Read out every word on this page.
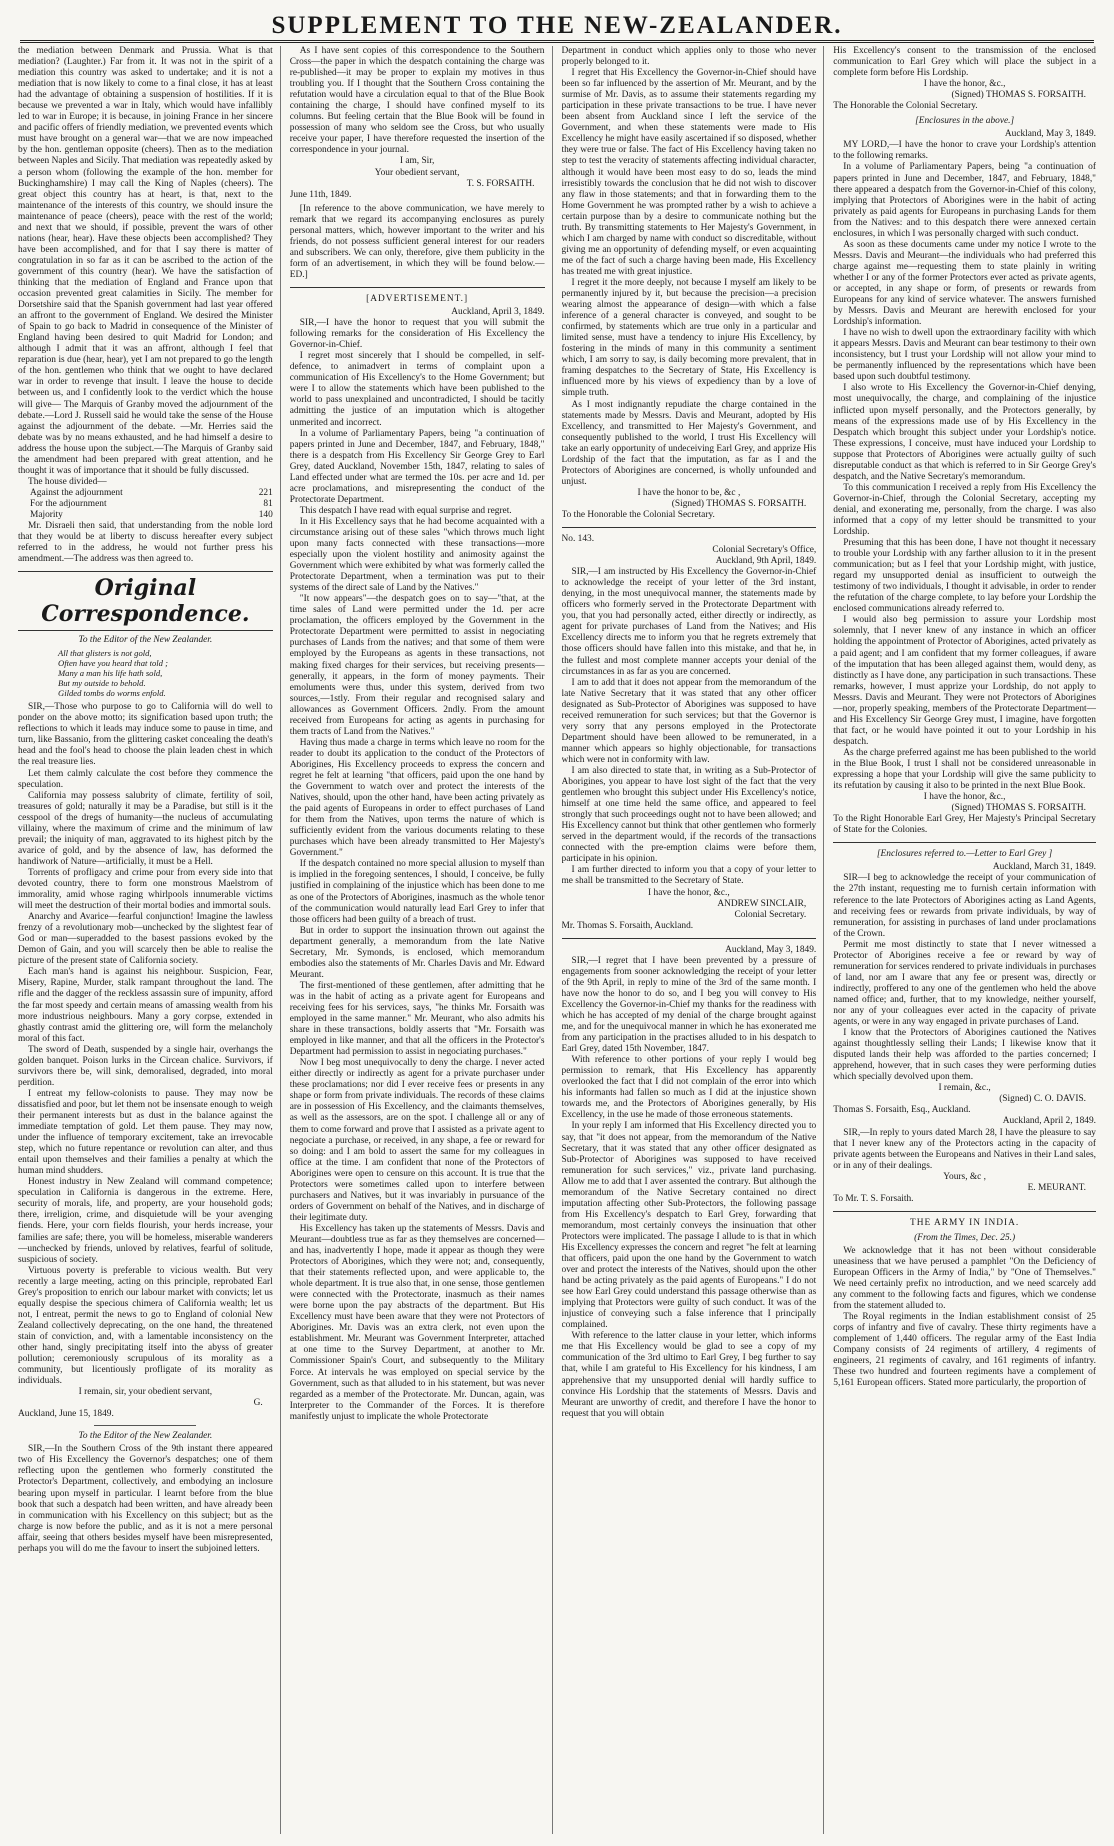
SUPPLEMENT TO THE NEW-ZEALANDER.

the mediation between Denmark and Prussia. What is that mediation? (Laughter.) Far from it. It was not in the spirit of a mediation this country was asked to undertake; and it is not a mediation that is now likely to come to a final close, it has at least had the advantage of obtaining a suspension of hostilities. If it is because we prevented a war in Italy, which would have infallibly led to war in Europe; it is because, in joining France in her sincere and pacific offers of friendly mediation, we prevented events which must have brought on a general war—that we are now impeached by the hon. gentleman opposite (cheers). Then as to the mediation between Naples and Sicily. That mediation was repeatedly asked by a person whom (following the example of the hon. member for Buckinghamshire) I may call the King of Naples (cheers). The great object this country has at heart, is that, next to the maintenance of the interests of this country, we should insure the maintenance of peace (cheers), peace with the rest of the world; and next that we should, if possible, prevent the wars of other nations (hear, hear). Have these objects been accomplished? They have been accomplished, and for that I say there is matter of congratulation in so far as it can be ascribed to the action of the government of this country (hear). We have the satisfaction of thinking that the mediation of England and France upon that occasion prevented great calamities in Sicily. The member for Dorsetshire said that the Spanish government had last year offered an affront to the government of England. We desired the Minister of Spain to go back to Madrid in consequence of the Minister of England having been desired to quit Madrid for London; and although I admit that it was an affront, although I feel that reparation is due (hear, hear), yet I am not prepared to go the length of the hon. gentlemen who think that we ought to have declared war in order to revenge that insult. I leave the house to decide between us, and I confidently look to the verdict which the house will give— The Marquis of Granby moved the adjournment of the debate.—Lord J. Russell said he would take the sense of the House against the adjournment of the debate. —Mr. Herries said the debate was by no means exhausted, and he had himself a desire to address the house upon the subject.—The Marquis of Granby said the amendment had been prepared with great attention, and he thought it was of importance that it should be fully discussed.

The house divided—

Against the adjournment	221
For the adjournment	81
Majority	140

Mr. Disraeli then said, that understanding from the noble lord that they would be at liberty to discuss hereafter every subject referred to in the address, he would not further press his amendment.—The address was then agreed to.

Original Correspondence.

To the Editor of the New Zealander.

All that glisters is not gold,
Often have you heard that told ;
Many a man his life hath sold,
But my outside to behold.
Gilded tombs do worms enfold.

SIR,—Those who purpose to go to California will do well to ponder on the above motto; its signification based upon truth; the reflections to which it leads may induce some to pause in time, and turn, like Bassanio, from the glittering casket concealing the death's head and the fool's head to choose the plain leaden chest in which the real treasure lies.

Let them calmly calculate the cost before they commence the speculation.

California may possess salubrity of climate, fertility of soil, treasures of gold; naturally it may be a Paradise, but still is it the cesspool of the dregs of humanity—the nucleus of accumulating villainy, where the maximum of crime and the minimum of law prevail; the iniquity of man, aggravated to its highest pitch by the avarice of gold, and by the absence of law, has deformed the handiwork of Nature—artificially, it must be a Hell.

Torrents of profligacy and crime pour from every side into that devoted country, there to form one monstrous Maelstrom of immorality, amid whose raging whirlpools innumerable victims will meet the destruction of their mortal bodies and immortal souls.

Anarchy and Avarice—fearful conjunction! Imagine the lawless frenzy of a revolutionary mob—unchecked by the slightest fear of God or man—superadded to the basest passions evoked by the Demon of Gain, and you will scarcely then be able to realise the picture of the present state of California society.

Each man's hand is against his neighbour. Suspicion, Fear, Misery, Rapine, Murder, stalk rampant throughout the land. The rifle and the dagger of the reckless assassin sure of impunity, afford the far most speedy and certain means of amassing wealth from his more industrious neighbours. Many a gory corpse, extended in ghastly contrast amid the glittering ore, will form the melancholy moral of this fact.

The sword of Death, suspended by a single hair, overhangs the golden banquet. Poison lurks in the Circean chalice. Survivors, if survivors there be, will sink, demoralised, degraded, into moral perdition.

I entreat my fellow-colonists to pause. They may now be dissatisfied and poor, but let them not be insensate enough to weigh their permanent interests but as dust in the balance against the immediate temptation of gold. Let them pause. They may now, under the influence of temporary excitement, take an irrevocable step, which no future repentance or revolution can alter, and thus entail upon themselves and their families a penalty at which the human mind shudders.

Honest industry in New Zealand will command competence; speculation in California is dangerous in the extreme. Here, security of morals, life, and property, are your household gods; there, irreligion, crime, and disquietude will be your avenging fiends. Here, your corn fields flourish, your herds increase, your families are safe; there, you will be homeless, miserable wanderers—unchecked by friends, unloved by relatives, fearful of solitude, suspicious of society.

Virtuous poverty is preferable to vicious wealth. But very recently a large meeting, acting on this principle, reprobated Earl Grey's proposition to enrich our labour market with convicts; let us equally despise the specious chimera of California wealth; let us not, I entreat, permit the news to go to England of colonial New Zealand collectively deprecating, on the one hand, the threatened stain of conviction, and, with a lamentable inconsistency on the other hand, singly precipitating itself into the abyss of greater pollution; ceremoniously scrupulous of its morality as a community, but licentiously profligate of its morality as individuals.

I remain, sir, your obedient servant,

G.

Auckland, June 15, 1849.

To the Editor of the New Zealander.

SIR,—In the Southern Cross of the 9th instant there appeared two of His Excellency the Governor's despatches; one of them reflecting upon the gentlemen who formerly constituted the Protector's Department, collectively, and embodying an inclosure bearing upon myself in particular. I learnt before from the blue book that such a despatch had been written, and have already been in communication with his Excellency on this subject; but as the charge is now before the public, and as it is not a mere personal affair, seeing that others besides myself have been misrepresented, perhaps you will do me the favour to insert the subjoined letters.

As I have sent copies of this correspondence to the Southern Cross—the paper in which the despatch containing the charge was re-published—it may be proper to explain my motives in thus troubling you. If I thought that the Southern Cross containing the refutation would have a circulation equal to that of the Blue Book containing the charge, I should have confined myself to its columns. But feeling certain that the Blue Book will be found in possession of many who seldom see the Cross, but who usually receive your paper, I have therefore requested the insertion of the correspondence in your journal.

I am, Sir,

Your obedient servant,

T. S. FORSAITH.

June 11th, 1849.

[In reference to the above communication, we have merely to remark that we regard its accompanying enclosures as purely personal matters, which, however important to the writer and his friends, do not possess sufficient general interest for our readers and subscribers. We can only, therefore, give them publicity in the form of an advertisement, in which they will be found below.—ED.]

[ADVERTISEMENT.]

Auckland, April 3, 1849.

SIR,—I have the honor to request that you will submit the following remarks for the consideration of His Excellency the Governor-in-Chief.

I regret most sincerely that I should be compelled, in self-defence, to animadvert in terms of complaint upon a communication of His Excellency's to the Home Government; but were I to allow the statements which have been published to the world to pass unexplained and uncontradicted, I should be tacitly admitting the justice of an imputation which is altogether unmerited and incorrect.

In a volume of Parliamentary Papers, being "a continuation of papers printed in June and December, 1847, and February, 1848," there is a despatch from His Excellency Sir George Grey to Earl Grey, dated Auckland, November 15th, 1847, relating to sales of Land effected under what are termed the 10s. per acre and 1d. per acre proclamations, and misrepresenting the conduct of the Protectorate Department.

This despatch I have read with equal surprise and regret.

In it His Excellency says that he had become acquainted with a circumstance arising out of these sales "which throws much light upon many facts connected with these transactions—more especially upon the violent hostility and animosity against the Government which were exhibited by what was formerly called the Protectorate Department, when a termination was put to their systems of the direct sale of Land by the Natives."

"It now appears"—the despatch goes on to say—"that, at the time sales of Land were permitted under the 1d. per acre proclamation, the officers employed by the Government in the Protectorate Department were permitted to assist in negociating purchases of Lands from the natives; and that some of them were employed by the Europeans as agents in these transactions, not making fixed charges for their services, but receiving presents—generally, it appears, in the form of money payments. Their emoluments were thus, under this system, derived from two sources,—1stly. From their regular and recognised salary and allowances as Government Officers. 2ndly. From the amount received from Europeans for acting as agents in purchasing for them tracts of Land from the Natives."

Having thus made a charge in terms which leave no room for the reader to doubt its application to the conduct of the Protectors of Aborigines, His Excellency proceeds to express the concern and regret he felt at learning "that officers, paid upon the one hand by the Government to watch over and protect the interests of the Natives, should, upon the other hand, have been acting privately as the paid agents of Europeans in order to effect purchases of Land for them from the Natives, upon terms the nature of which is sufficiently evident from the various documents relating to these purchases which have been already transmitted to Her Majesty's Government."

If the despatch contained no more special allusion to myself than is implied in the foregoing sentences, I should, I conceive, be fully justified in complaining of the injustice which has been done to me as one of the Protectors of Aborigines, inasmuch as the whole tenor of the communication would naturally lead Earl Grey to infer that those officers had been guilty of a breach of trust.

But in order to support the insinuation thrown out against the department generally, a memorandum from the late Native Secretary, Mr. Symonds, is enclosed, which memorandum embodies also the statements of Mr. Charles Davis and Mr. Edward Meurant.

The first-mentioned of these gentlemen, after admitting that he was in the habit of acting as a private agent for Europeans and receiving fees for his services, says, "he thinks Mr. Forsaith was employed in the same manner." Mr. Meurant, who also admits his share in these transactions, boldly asserts that "Mr. Forsaith was employed in like manner, and that all the officers in the Protector's Department had permission to assist in negociating purchases."

Now I beg most unequivocally to deny the charge. I never acted either directly or indirectly as agent for a private purchaser under these proclamations; nor did I ever receive fees or presents in any shape or form from private individuals. The records of these claims are in possession of His Excellency, and the claimants themselves, as well as the assessors, are on the spot. I challenge all or any of them to come forward and prove that I assisted as a private agent to negociate a purchase, or received, in any shape, a fee or reward for so doing: and I am bold to assert the same for my colleagues in office at the time. I am confident that none of the Protectors of Aborigines were open to censure on this account. It is true that the Protectors were sometimes called upon to interfere between purchasers and Natives, but it was invariably in pursuance of the orders of Government on behalf of the Natives, and in discharge of their legitimate duty.

His Excellency has taken up the statements of Messrs. Davis and Meurant—doubtless true as far as they themselves are concerned—and has, inadvertently I hope, made it appear as though they were Protectors of Aborigines, which they were not; and, consequently, that their statements reflected upon, and were applicable to, the whole department. It is true also that, in one sense, those gentlemen were connected with the Protectorate, inasmuch as their names were borne upon the pay abstracts of the department. But His Excellency must have been aware that they were not Protectors of Aborigines. Mr. Davis was an extra clerk, not even upon the establishment. Mr. Meurant was Government Interpreter, attached at one time to the Survey Department, at another to Mr. Commissioner Spain's Court, and subsequently to the Military Force. At intervals he was employed on special service by the Government, such as that alluded to in his statement, but was never regarded as a member of the Protectorate. Mr. Duncan, again, was Interpreter to the Commander of the Forces. It is therefore manifestly unjust to implicate the whole Protectorate

Department in conduct which applies only to those who never properly belonged to it.

I regret that His Excellency the Governor-in-Chief should have been so far influenced by the assertion of Mr. Meurant, and by the surmise of Mr. Davis, as to assume their statements regarding my participation in these private transactions to be true. I have never been absent from Auckland since I left the service of the Government, and when these statements were made to His Excellency he might have easily ascertained if so disposed, whether they were true or false. The fact of His Excellency having taken no step to test the veracity of statements affecting individual character, although it would have been most easy to do so, leads the mind irresistibly towards the conclusion that he did not wish to discover any flaw in those statements; and that in forwarding them to the Home Government he was prompted rather by a wish to achieve a certain purpose than by a desire to communicate nothing but the truth. By transmitting statements to Her Majesty's Government, in which I am charged by name with conduct so discreditable, without giving me an opportunity of defending myself, or even acquainting me of the fact of such a charge having been made, His Excellency has treated me with great injustice.

I regret it the more deeply, not because I myself am likely to be permanently injured by it, but because the precision—a precision wearing almost the appearance of design—with which a false inference of a general character is conveyed, and sought to be confirmed, by statements which are true only in a particular and limited sense, must have a tendency to injure His Excellency, by fostering in the minds of many in this community a sentiment which, I am sorry to say, is daily becoming more prevalent, that in framing despatches to the Secretary of State, His Excellency is influenced more by his views of expediency than by a love of simple truth.

As I most indignantly repudiate the charge contained in the statements made by Messrs. Davis and Meurant, adopted by His Excellency, and transmitted to Her Majesty's Government, and consequently published to the world, I trust His Excellency will take an early opportunity of undeceiving Earl Grey, and apprize His Lordship of the fact that the imputation, as far as I and the Protectors of Aborigines are concerned, is wholly unfounded and unjust.

I have the honor to be, &c ,

(Signed) THOMAS S. FORSAITH.

To the Honorable the Colonial Secretary.

No. 143.

Colonial Secretary's Office,

Auckland, 9th April, 1849.

SIR,—I am instructed by His Excellency the Governor-in-Chief to acknowledge the receipt of your letter of the 3rd instant, denying, in the most unequivocal manner, the statements made by officers who formerly served in the Protectorate Department with you, that you had personally acted, either directly or indirectly, as agent for private purchases of Land from the Natives; and His Excellency directs me to inform you that he regrets extremely that those officers should have fallen into this mistake, and that he, in the fullest and most complete manner accepts your denial of the circumstances in as far as you are concerned.

I am to add that it does not appear from the memorandum of the late Native Secretary that it was stated that any other officer designated as Sub-Protector of Aborigines was supposed to have received remuneration for such services; but that the Governor is very sorry that any persons employed in the Protectorate Department should have been allowed to be remunerated, in a manner which appears so highly objectionable, for transactions which were not in conformity with law.

I am also directed to state that, in writing as a Sub-Protector of Aborigines, you appear to have lost sight of the fact that the very gentlemen who brought this subject under His Excellency's notice, himself at one time held the same office, and appeared to feel strongly that such proceedings ought not to have been allowed; and His Excellency cannot but think that other gentlemen who formerly served in the department would, if the records of the transactions connected with the pre-emption claims were before them, participate in his opinion.

I am further directed to inform you that a copy of your letter to me shall be transmitted to the Secretary of State.

I have the honor, &c.,

ANDREW SINCLAIR,

Colonial Secretary.

Mr. Thomas S. Forsaith, Auckland.

Auckland, May 3, 1849.

SIR,—I regret that I have been prevented by a pressure of engagements from sooner acknowledging the receipt of your letter of the 9th April, in reply to mine of the 3rd of the same month. I have now the honor to do so, and I beg you will convey to His Excellency the Governor-in-Chief my thanks for the readiness with which he has accepted of my denial of the charge brought against me, and for the unequivocal manner in which he has exonerated me from any participation in the practises alluded to in his despatch to Earl Grey, dated 15th November, 1847.

With reference to other portions of your reply I would beg permission to remark, that His Excellency has apparently overlooked the fact that I did not complain of the error into which his informants had fallen so much as I did at the injustice shown towards me, and the Protectors of Aborigines generally, by His Excellency, in the use he made of those erroneous statements.

In your reply I am informed that His Excellency directed you to say, that "it does not appear, from the memorandum of the Native Secretary, that it was stated that any other officer designated as Sub-Protector of Aborigines was supposed to have received remuneration for such services," viz., private land purchasing. Allow me to add that I aver assented the contrary. But although the memorandum of the Native Secretary contained no direct imputation affecting other Sub-Protectors, the following passage from His Excellency's despatch to Earl Grey, forwarding that memorandum, most certainly conveys the insinuation that other Protectors were implicated. The passage I allude to is that in which His Excellency expresses the concern and regret "he felt at learning that officers, paid upon the one hand by the Government to watch over and protect the interests of the Natives, should upon the other hand be acting privately as the paid agents of Europeans." I do not see how Earl Grey could understand this passage otherwise than as implying that Protectors were guilty of such conduct. It was of the injustice of conveying such a false inference that I principally complained.

With reference to the latter clause in your letter, which informs me that His Excellency would be glad to see a copy of my communication of the 3rd ultimo to Earl Grey, I beg further to say that, while I am grateful to His Excellency for his kindness, I am apprehensive that my unsupported denial will hardly suffice to convince His Lordship that the statements of Messrs. Davis and Meurant are unworthy of credit, and therefore I have the honor to request that you will obtain

His Excellency's consent to the transmission of the enclosed communication to Earl Grey which will place the subject in a complete form before His Lordship.

I have the honor, &c.,

(Signed) THOMAS S. FORSAITH.

The Honorable the Colonial Secretary.

[Enclosures in the above.]

Auckland, May 3, 1849.

MY LORD,—I have the honor to crave your Lordship's attention to the following remarks.

In a volume of Parliamentary Papers, being "a continuation of papers printed in June and December, 1847, and February, 1848," there appeared a despatch from the Governor-in-Chief of this colony, implying that Protectors of Aborigines were in the habit of acting privately as paid agents for Europeans in purchasing Lands for them from the Natives: and to this despatch there were annexed certain enclosures, in which I was personally charged with such conduct.

As soon as these documents came under my notice I wrote to the Messrs. Davis and Meurant—the individuals who had preferred this charge against me—requesting them to state plainly in writing whether I or any of the former Protectors ever acted as private agents, or accepted, in any shape or form, of presents or rewards from Europeans for any kind of service whatever. The answers furnished by Messrs. Davis and Meurant are herewith enclosed for your Lordship's information.

I have no wish to dwell upon the extraordinary facility with which it appears Messrs. Davis and Meurant can bear testimony to their own inconsistency, but I trust your Lordship will not allow your mind to be permanently influenced by the representations which have been based upon such doubtful testimony.

I also wrote to His Excellency the Governor-in-Chief denying, most unequivocally, the charge, and complaining of the injustice inflicted upon myself personally, and the Protectors generally, by means of the expressions made use of by His Excellency in the Despatch which brought this subject under your Lordship's notice. These expressions, I conceive, must have induced your Lordship to suppose that Protectors of Aborigines were actually guilty of such disreputable conduct as that which is referred to in Sir George Grey's despatch, and the Native Secretary's memorandum.

To this communication I received a reply from His Excellency the Governor-in-Chief, through the Colonial Secretary, accepting my denial, and exonerating me, personally, from the charge. I was also informed that a copy of my letter should be transmitted to your Lordship.

Presuming that this has been done, I have not thought it necessary to trouble your Lordship with any farther allusion to it in the present communication; but as I feel that your Lordship might, with justice, regard my unsupported denial as insufficient to outweigh the testimony of two individuals, I thought it advisable, in order to render the refutation of the charge complete, to lay before your Lordship the enclosed communications already referred to.

I would also beg permission to assure your Lordship most solemnly, that I never knew of any instance in which an officer holding the appointment of Protector of Aborigines, acted privately as a paid agent; and I am confident that my former colleagues, if aware of the imputation that has been alleged against them, would deny, as distinctly as I have done, any participation in such transactions. These remarks, however, I must apprize your Lordship, do not apply to Messrs. Davis and Meurant. They were not Protectors of Aborigines—nor, properly speaking, members of the Protectorate Department—and His Excellency Sir George Grey must, I imagine, have forgotten that fact, or he would have pointed it out to your Lordship in his despatch.

As the charge preferred against me has been published to the world in the Blue Book, I trust I shall not be considered unreasonable in expressing a hope that your Lordship will give the same publicity to its refutation by causing it also to be printed in the next Blue Book.

I have the honor, &c.,

(Signed) THOMAS S. FORSAITH.

To the Right Honorable Earl Grey, Her Majesty's Principal Secretary of State for the Colonies.

[Enclosures referred to.—Letter to Earl Grey ]

Auckland, March 31, 1849.

SIR—I beg to acknowledge the receipt of your communication of the 27th instant, requesting me to furnish certain information with reference to the late Protectors of Aborigines acting as Land Agents, and receiving fees or rewards from private individuals, by way of remuneration, for assisting in purchases of land under proclamations of the Crown.

Permit me most distinctly to state that I never witnessed a Protector of Aborigines receive a fee or reward by way of remuneration for services rendered to private individuals in purchases of land, nor am I aware that any fee or present was, directly or indirectly, proffered to any one of the gentlemen who held the above named office; and, further, that to my knowledge, neither yourself, nor any of your colleagues ever acted in the capacity of private agents, or were in any way engaged in private purchases of Land.

I know that the Protectors of Aborigines cautioned the Natives against thoughtlessly selling their Lands; I likewise know that it disputed lands their help was afforded to the parties concerned; I apprehend, however, that in such cases they were performing duties which specially devolved upon them.

I remain, &c.,

(Signed) C. O. DAVIS.

Thomas S. Forsaith, Esq., Auckland.

Auckland, April 2, 1849.

SIR,—In reply to yours dated March 28, I have the pleasure to say that I never knew any of the Protectors acting in the capacity of private agents between the Europeans and Natives in their Land sales, or in any of their dealings.

Yours, &c ,

E. MEURANT.

To Mr. T. S. Forsaith.

THE ARMY IN INDIA.

(From the Times, Dec. 25.)

We acknowledge that it has not been without considerable uneasiness that we have perused a pamphlet "On the Deficiency of European Officers in the Army of India," by "One of Themselves." We need certainly prefix no introduction, and we need scarcely add any comment to the following facts and figures, which we condense from the statement alluded to.

The Royal regiments in the Indian establishment consist of 25 corps of infantry and five of cavalry. These thirty regiments have a complement of 1,440 officers. The regular army of the East India Company consists of 24 regiments of artillery, 4 regiments of engineers, 21 regiments of cavalry, and 161 regiments of infantry. These two hundred and fourteen regiments have a complement of 5,161 European officers. Stated more particularly, the proportion of
